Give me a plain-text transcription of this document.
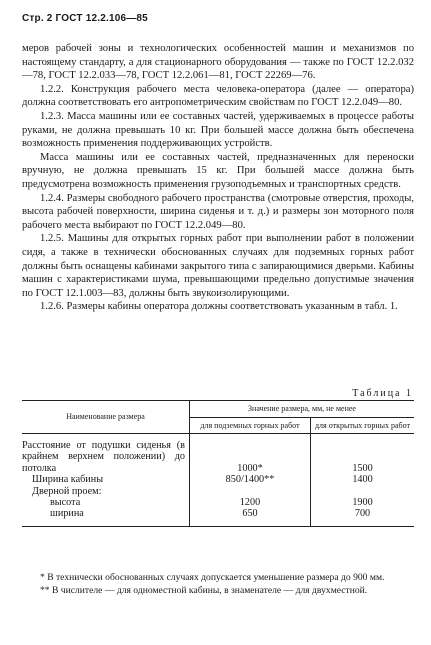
Стр. 2 ГОСТ 12.2.106—85

меров рабочей зоны и технологических особенностей машин и механизмов по настоящему стандарту, а для стационарного оборудования — также по ГОСТ 12.2.032—78, ГОСТ 12.2.033—78, ГОСТ 12.2.061—81, ГОСТ 22269—76.

1.2.2. Конструкция рабочего места человека-оператора (далее — оператора) должна соответствовать его антропометрическим свойствам по ГОСТ 12.2.049—80.

1.2.3. Масса машины или ее составных частей, удерживаемых в процессе работы руками, не должна превышать 10 кг. При большей массе должна быть обеспечена возможность применения поддерживающих устройств.

Масса машины или ее составных частей, предназначенных для переноски вручную, не должна превышать 15 кг. При большей массе должна быть предусмотрена возможность применения грузоподъемных и транспортных средств.

1.2.4. Размеры свободного рабочего пространства (смотровые отверстия, проходы, высота рабочей поверхности, ширина сиденья и т. д.) и размеры зон моторного поля рабочего места выбирают по ГОСТ 12.2.049—80.

1.2.5. Машины для открытых горных работ при выполнении работ в положении сидя, а также в технически обоснованных случаях для подземных горных работ должны быть оснащены кабинами закрытого типа с запирающимися дверьми. Кабины машин с характеристиками шума, превышающими предельно допустимые значения по ГОСТ 12.1.003—83, должны быть звукоизолирующими.

1.2.6. Размеры кабины оператора должны соответствовать указанным в табл. 1.

Таблица 1
Наименование размера	Значение размера, мм, не менее	
	для подземных горных работ	для открытых горных работ
Расстояние от подушки сиденья (в крайнем верхнем положении) до потолка	1000*	1500
Ширина кабины	850/1400**	1400
Дверной проем:		

высота	1200	1900

ширина	650	700

* В технически обоснованных случаях допускается уменьшение размера до 900 мм.

** В числителе — для одноместной кабины, в знаменателе — для двухместной.
